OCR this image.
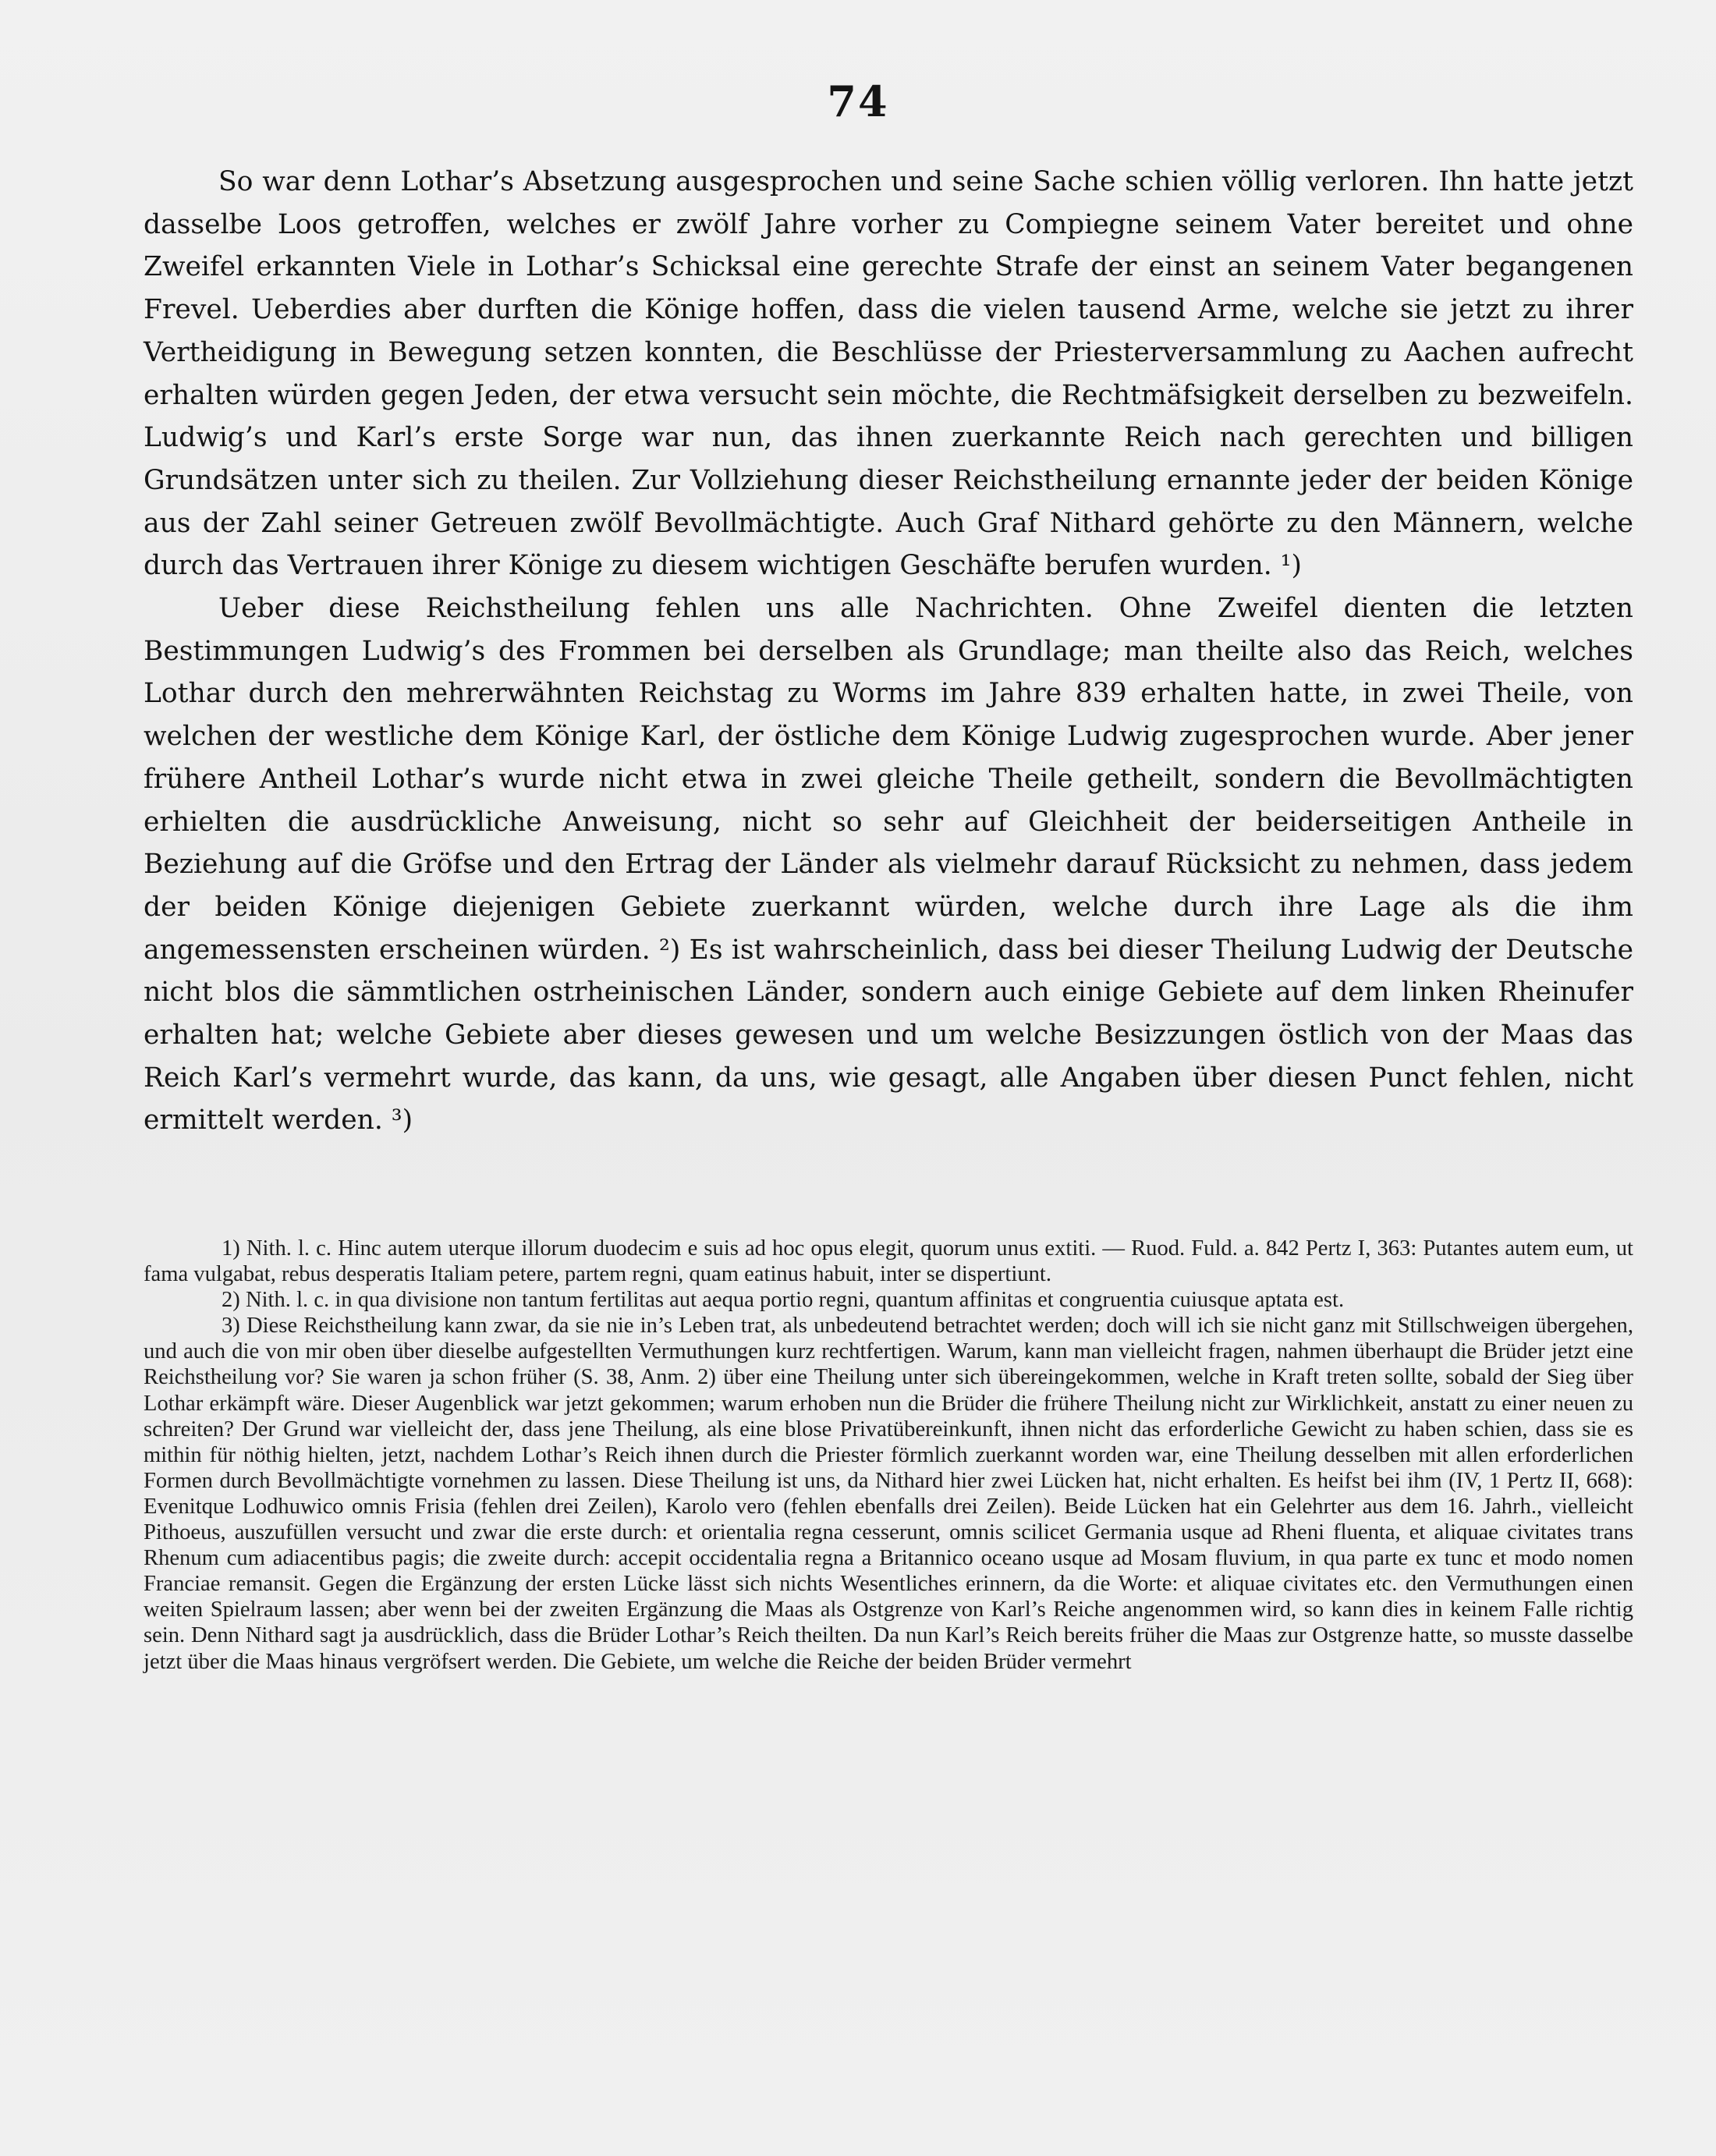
74

So war denn Lothar’s Absetzung ausgesprochen und seine Sache schien völlig verloren. Ihn hatte jetzt dasselbe Loos getroffen, welches er zwölf Jahre vorher zu Compiegne seinem Vater bereitet und ohne Zweifel erkannten Viele in Lothar’s Schicksal eine gerechte Strafe der einst an seinem Vater begangenen Frevel. Ueberdies aber durften die Könige hoffen, dass die vielen tausend Arme, welche sie jetzt zu ihrer Vertheidigung in Bewegung setzen konnten, die Beschlüsse der Priesterversammlung zu Aachen aufrecht erhalten würden gegen Jeden, der etwa versucht sein möchte, die Rechtmäfsigkeit derselben zu bezweifeln. Ludwig’s und Karl’s erste Sorge war nun, das ihnen zuerkannte Reich nach gerechten und billigen Grundsätzen unter sich zu theilen. Zur Vollziehung dieser Reichstheilung ernannte jeder der beiden Könige aus der Zahl seiner Getreuen zwölf Bevollmächtigte. Auch Graf Nithard gehörte zu den Männern, welche durch das Vertrauen ihrer Könige zu diesem wichtigen Geschäfte berufen wurden. ¹)

Ueber diese Reichstheilung fehlen uns alle Nachrichten. Ohne Zweifel dienten die letzten Bestimmungen Ludwig’s des Frommen bei derselben als Grundlage; man theilte also das Reich, welches Lothar durch den mehrerwähnten Reichstag zu Worms im Jahre 839 erhalten hatte, in zwei Theile, von welchen der westliche dem Könige Karl, der östliche dem Könige Ludwig zugesprochen wurde. Aber jener frühere Antheil Lothar’s wurde nicht etwa in zwei gleiche Theile getheilt, sondern die Bevollmächtigten erhielten die ausdrückliche Anweisung, nicht so sehr auf Gleichheit der beiderseitigen Antheile in Beziehung auf die Gröfse und den Ertrag der Länder als vielmehr darauf Rücksicht zu nehmen, dass jedem der beiden Könige diejenigen Gebiete zuerkannt würden, welche durch ihre Lage als die ihm angemessensten erscheinen würden. ²) Es ist wahrscheinlich, dass bei dieser Theilung Ludwig der Deutsche nicht blos die sämmtlichen ostrheinischen Länder, sondern auch einige Gebiete auf dem linken Rheinufer erhalten hat; welche Gebiete aber dieses gewesen und um welche Besizzungen östlich von der Maas das Reich Karl’s vermehrt wurde, das kann, da uns, wie gesagt, alle Angaben über diesen Punct fehlen, nicht ermittelt werden. ³)

1) Nith. l. c. Hinc autem uterque illorum duodecim e suis ad hoc opus elegit, quorum unus extiti. — Ruod. Fuld. a. 842 Pertz I, 363: Putantes autem eum, ut fama vulgabat, rebus desperatis Italiam petere, partem regni, quam eatinus habuit, inter se dispertiunt.

2) Nith. l. c. in qua divisione non tantum fertilitas aut aequa portio regni, quantum affinitas et congruentia cuiusque aptata est.

3) Diese Reichstheilung kann zwar, da sie nie in’s Leben trat, als unbedeutend betrachtet werden; doch will ich sie nicht ganz mit Stillschweigen übergehen, und auch die von mir oben über dieselbe aufgestellten Vermuthungen kurz rechtfertigen. Warum, kann man vielleicht fragen, nahmen überhaupt die Brüder jetzt eine Reichstheilung vor? Sie waren ja schon früher (S. 38, Anm. 2) über eine Theilung unter sich übereingekommen, welche in Kraft treten sollte, sobald der Sieg über Lothar erkämpft wäre. Dieser Augenblick war jetzt gekommen; warum erhoben nun die Brüder die frühere Theilung nicht zur Wirklichkeit, anstatt zu einer neuen zu schreiten? Der Grund war vielleicht der, dass jene Theilung, als eine blose Privatübereinkunft, ihnen nicht das erforderliche Gewicht zu haben schien, dass sie es mithin für nöthig hielten, jetzt, nachdem Lothar’s Reich ihnen durch die Priester förmlich zuerkannt worden war, eine Theilung desselben mit allen erforderlichen Formen durch Bevollmächtigte vornehmen zu lassen. Diese Theilung ist uns, da Nithard hier zwei Lücken hat, nicht erhalten. Es heifst bei ihm (IV, 1 Pertz II, 668): Evenitque Lodhuwico omnis Frisia (fehlen drei Zeilen), Karolo vero (fehlen ebenfalls drei Zeilen). Beide Lücken hat ein Gelehrter aus dem 16. Jahrh., vielleicht Pithoeus, auszufüllen versucht und zwar die erste durch: et orientalia regna cesserunt, omnis scilicet Germania usque ad Rheni fluenta, et aliquae civitates trans Rhenum cum adiacentibus pagis; die zweite durch: accepit occidentalia regna a Britannico oceano usque ad Mosam fluvium, in qua parte ex tunc et modo nomen Franciae remansit. Gegen die Ergänzung der ersten Lücke lässt sich nichts Wesentliches erinnern, da die Worte: et aliquae civitates etc. den Vermuthungen einen weiten Spielraum lassen; aber wenn bei der zweiten Ergänzung die Maas als Ostgrenze von Karl’s Reiche angenommen wird, so kann dies in keinem Falle richtig sein. Denn Nithard sagt ja ausdrücklich, dass die Brüder Lothar’s Reich theilten. Da nun Karl’s Reich bereits früher die Maas zur Ostgrenze hatte, so musste dasselbe jetzt über die Maas hinaus vergröfsert werden. Die Gebiete, um welche die Reiche der beiden Brüder vermehrt
